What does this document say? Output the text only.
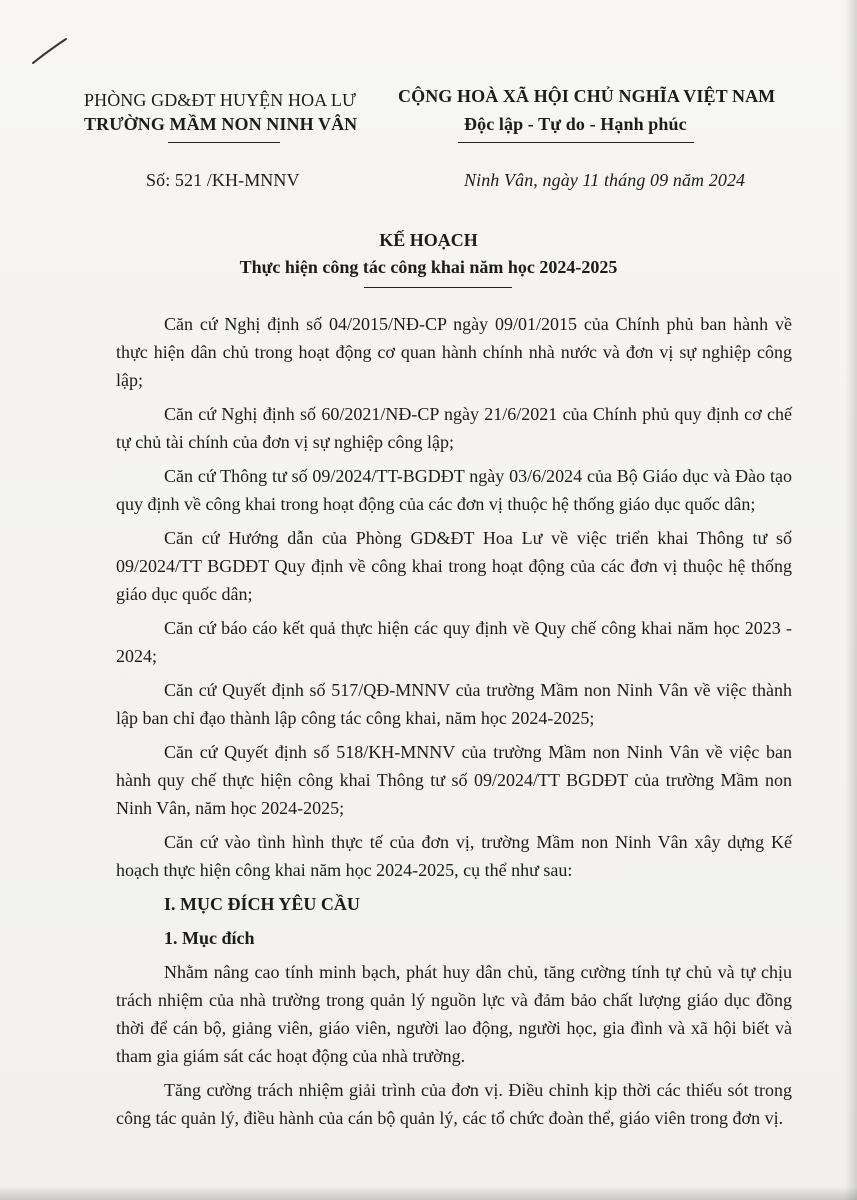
PHÒNG GD&ĐT HUYỆN HOA LƯ
TRƯỜNG MẦM NON NINH VÂN
CỘNG HOÀ XÃ HỘI CHỦ NGHĨA VIỆT NAM
Độc lập - Tự do - Hạnh phúc
Số: 521 /KH-MNNV	Ninh Vân, ngày 11 tháng 09 năm 2024
KẾ HOẠCH
Thực hiện công tác công khai năm học 2024-2025

Căn cứ Nghị định số 04/2015/NĐ-CP ngày 09/01/2015 của Chính phủ ban hành về thực hiện dân chủ trong hoạt động cơ quan hành chính nhà nước và đơn vị sự nghiệp công lập;

Căn cứ Nghị định số 60/2021/NĐ-CP ngày 21/6/2021 của Chính phủ quy định cơ chế tự chủ tài chính của đơn vị sự nghiệp công lập;

Căn cứ Thông tư số 09/2024/TT-BGDĐT ngày 03/6/2024 của Bộ Giáo dục và Đào tạo quy định về công khai trong hoạt động của các đơn vị thuộc hệ thống giáo dục quốc dân;

Căn cứ Hướng dẫn của Phòng GD&ĐT Hoa Lư về việc triển khai Thông tư số 09/2024/TT BGDĐT Quy định về công khai trong hoạt động của các đơn vị thuộc hệ thống giáo dục quốc dân;

Căn cứ báo cáo kết quả thực hiện các quy định về Quy chế công khai năm học 2023 - 2024;

Căn cứ Quyết định số 517/QĐ-MNNV của trường Mầm non Ninh Vân về việc thành lập ban chỉ đạo thành lập công tác công khai, năm học 2024-2025;

Căn cứ Quyết định số 518/KH-MNNV của trường Mầm non Ninh Vân về việc ban hành quy chế thực hiện công khai Thông tư số 09/2024/TT BGDĐT của trường Mầm non Ninh Vân, năm học 2024-2025;

Căn cứ vào tình hình thực tế của đơn vị, trường Mầm non Ninh Vân xây dựng Kế hoạch thực hiện công khai năm học 2024-2025, cụ thể như sau:

I. MỤC ĐÍCH YÊU CẦU
1. Mục đích

Nhằm nâng cao tính minh bạch, phát huy dân chủ, tăng cường tính tự chủ và tự chịu trách nhiệm của nhà trường trong quản lý nguồn lực và đảm bảo chất lượng giáo dục đồng thời để cán bộ, giảng viên, giáo viên, người lao động, người học, gia đình và xã hội biết và tham gia giám sát các hoạt động của nhà trường.

Tăng cường trách nhiệm giải trình của đơn vị. Điều chỉnh kịp thời các thiếu sót trong công tác quản lý, điều hành của cán bộ quản lý, các tổ chức đoàn thể, giáo viên trong đơn vị.
